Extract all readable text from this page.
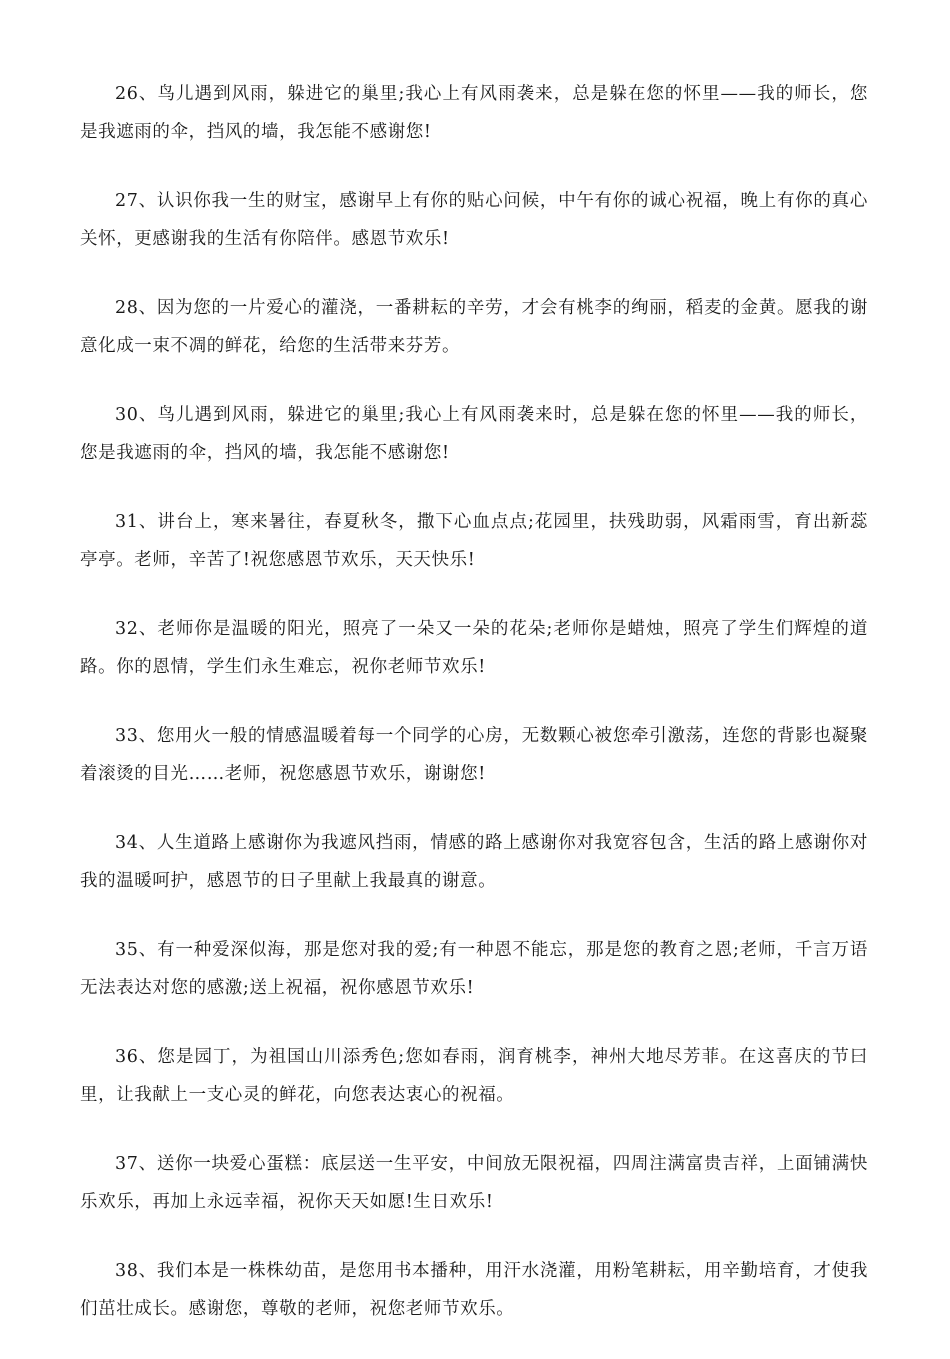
26、鸟儿遇到风雨，躲进它的巢里;我心上有风雨袭来，总是躲在您的怀里——我的师长，您是我遮雨的伞，挡风的墙，我怎能不感谢您!

27、认识你我一生的财宝，感谢早上有你的贴心问候，中午有你的诚心祝福，晚上有你的真心关怀，更感谢我的生活有你陪伴。感恩节欢乐!

28、因为您的一片爱心的灌浇，一番耕耘的辛劳，才会有桃李的绚丽，稻麦的金黄。愿我的谢意化成一束不凋的鲜花，给您的生活带来芬芳。

30、鸟儿遇到风雨，躲进它的巢里;我心上有风雨袭来时，总是躲在您的怀里——我的师长，您是我遮雨的伞，挡风的墙，我怎能不感谢您!

31、讲台上，寒来暑往，春夏秋冬，撒下心血点点;花园里，扶残助弱，风霜雨雪，育出新蕊亭亭。老师，辛苦了!祝您感恩节欢乐，天天快乐!

32、老师你是温暖的阳光，照亮了一朵又一朵的花朵;老师你是蜡烛，照亮了学生们辉煌的道路。你的恩情，学生们永生难忘，祝你老师节欢乐!

33、您用火一般的情感温暖着每一个同学的心房，无数颗心被您牵引激荡，连您的背影也凝聚着滚烫的目光……老师，祝您感恩节欢乐，谢谢您!

34、人生道路上感谢你为我遮风挡雨，情感的路上感谢你对我宽容包含，生活的路上感谢你对我的温暖呵护，感恩节的日子里献上我最真的谢意。

35、有一种爱深似海，那是您对我的爱;有一种恩不能忘，那是您的教育之恩;老师，千言万语无法表达对您的感激;送上祝福，祝你感恩节欢乐!

36、您是园丁，为祖国山川添秀色;您如春雨，润育桃李，神州大地尽芳菲。在这喜庆的节曰里，让我献上一支心灵的鲜花，向您表达衷心的祝福。

37、送你一块爱心蛋糕：底层送一生平安，中间放无限祝福，四周注满富贵吉祥，上面铺满快乐欢乐，再加上永远幸福，祝你天天如愿!生日欢乐!

38、我们本是一株株幼苗，是您用书本播种，用汗水浇灌，用粉笔耕耘，用辛勤培育，才使我们茁壮成长。感谢您，尊敬的老师，祝您老师节欢乐。
